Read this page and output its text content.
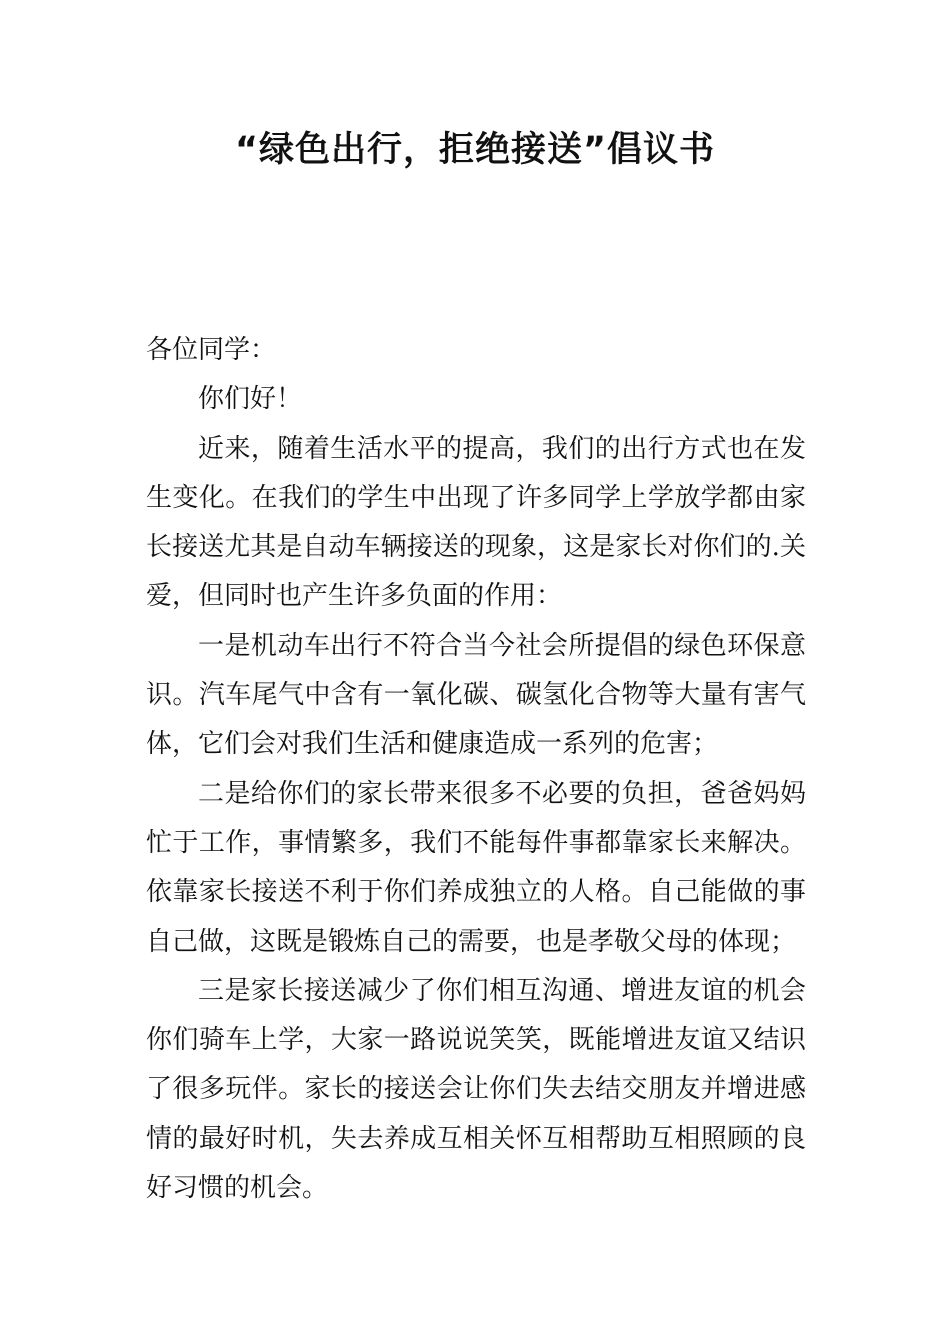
“绿色出行，拒绝接送”倡议书

各位同学：

你们好！

近来，随着生活水平的提高，我们的出行方式也在发生变化。在我们的学生中出现了许多同学上学放学都由家长接送尤其是自动车辆接送的现象，这是家长对你们的.关爱，但同时也产生许多负面的作用：

一是机动车出行不符合当今社会所提倡的绿色环保意识。汽车尾气中含有一氧化碳、碳氢化合物等大量有害气体，它们会对我们生活和健康造成一系列的危害；

二是给你们的家长带来很多不必要的负担，爸爸妈妈忙于工作，事情繁多，我们不能每件事都靠家长来解决。依靠家长接送不利于你们养成独立的人格。自己能做的事自己做，这既是锻炼自己的需要，也是孝敬父母的体现；

三是家长接送减少了你们相互沟通、增进友谊的机会你们骑车上学，大家一路说说笑笑，既能增进友谊又结识了很多玩伴。家长的接送会让你们失去结交朋友并增进感情的最好时机，失去养成互相关怀互相帮助互相照顾的良好习惯的机会。
